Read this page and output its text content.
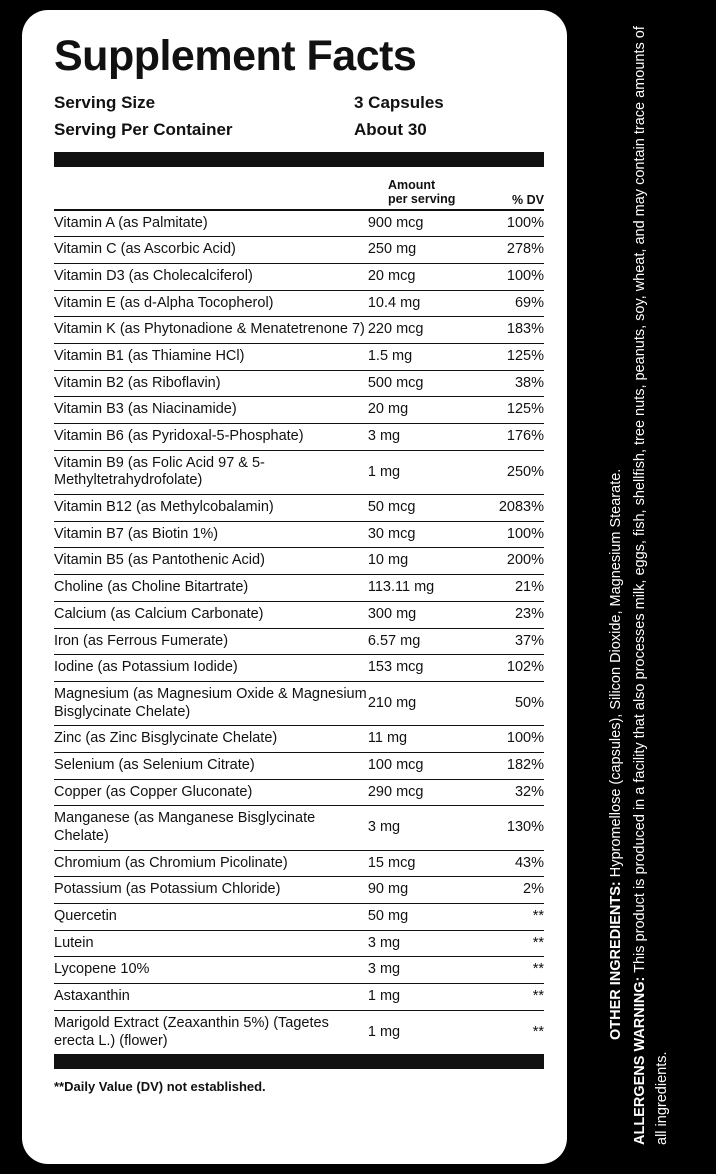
Supplement Facts
Serving Size	3 Capsules
Serving Per Container	About 30
Amount
per serving	% DV
Vitamin A (as Palmitate)	900 mcg	100%
Vitamin C (as Ascorbic Acid)	250 mg	278%
Vitamin D3 (as Cholecalciferol)	20 mcg	100%
Vitamin E (as d-Alpha Tocopherol)	10.4 mg	69%
Vitamin K (as Phytonadione & Menatetrenone 7)	220 mcg	183%
Vitamin B1 (as Thiamine HCl)	1.5 mg	125%
Vitamin B2 (as Riboflavin)	500 mcg	38%
Vitamin B3 (as Niacinamide)	20 mg	125%
Vitamin B6 (as Pyridoxal-5-Phosphate)	3 mg	176%
Vitamin B9 (as Folic Acid 97 & 5-Methyltetrahydrofolate)	1 mg	250%
Vitamin B12 (as Methylcobalamin)	50 mcg	2083%
Vitamin B7 (as Biotin 1%)	30 mcg	100%
Vitamin B5 (as Pantothenic Acid)	10 mg	200%
Choline (as Choline Bitartrate)	113.11 mg	21%
Calcium (as Calcium Carbonate)	300 mg	23%
Iron (as Ferrous Fumerate)	6.57 mg	37%
Iodine (as Potassium Iodide)	153 mcg	102%
Magnesium (as Magnesium Oxide & Magnesium Bisglycinate Chelate)	210 mg	50%
Zinc (as Zinc Bisglycinate Chelate)	11 mg	100%
Selenium (as Selenium Citrate)	100 mcg	182%
Copper (as Copper Gluconate)	290 mcg	32%
Manganese (as Manganese Bisglycinate Chelate)	3 mg	130%
Chromium (as Chromium Picolinate)	15 mcg	43%
Potassium (as Potassium Chloride)	90 mg	2%
Quercetin	50 mg	**
Lutein	3 mg	**
Lycopene 10%	3 mg	**
Astaxanthin	1 mg	**
Marigold Extract (Zeaxanthin 5%) (Tagetes erecta L.) (flower)	1 mg	**
**Daily Value (DV) not established.
OTHER INGREDIENTS: Hypromellose (capsules), Silicon Dioxide, Magnesium Stearate.
ALLERGENS WARNING: This product is produced in a facility that also processes milk, eggs, fish, shellfish, tree nuts, peanuts, soy, wheat, and may contain trace amounts of all ingredients.
